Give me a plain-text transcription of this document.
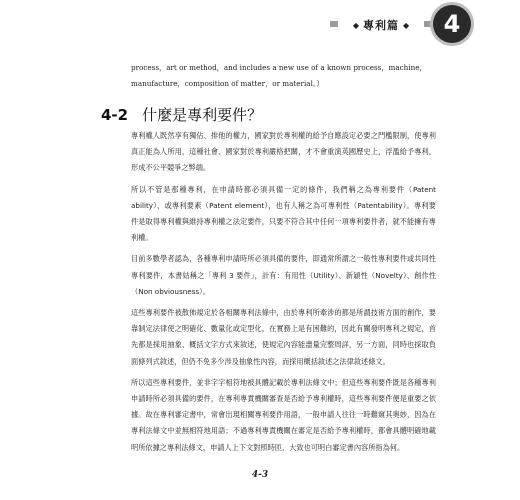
◆ 專利篇 ◆	4
process，art or method，and includes a new use of a known process，machine，
manufacture，composition of matter，or material。）
4-2 什麼是專利要件？

專利權人既然享有獨佔、排他的權力，國家對於專利權的給予自應設定必要之門檻限制，使專利真正能為人所用，這種社會、國家對於專利嚴格把關，才不會重演英國歷史上，浮濫給予專利，形成不公平競爭之弊端。

所以不管是那種專利，在申請時都必須具備一定的條件，我們稱之為專利要件（Patent ability），或專利要素（Patent element），也有人稱之為可專利性（Patentability）。專利要件是取得專利權與維持專利權之法定要件，只要不符合其中任何一項專利要件者，就不能擁有專利權。

目前多數學者認為，各種專利申請時所必須具備的要件，即通常所謂之一般性專利要件或共同性專利要件，本書姑稱之「專利 3 要件」，計有：有用性（Utility）、新穎性（Novelty）、創作性（Non obviousness）。

這些專利要件被散佈規定於各相關專利法條中，由於專利所牽涉的都是所謂技術方面的創作，要靠制定法律使之明確化、數量化或定型化，在實務上是有困難的，因此有關發明專利之規定，首先都是採用抽象、概括文字方式來敘述，使規定內容能盡量完整周詳，另一方面，同時也採取負面條列式敘述，但仍不免多少涉及抽象性內容，而採用概括敘述之法律敘述條文。

所以這些專利要件，並非字字相符地被具體記載於專利法條文中；但這些專利要件既是各種專利申請時所必須具備的要件，在專利專責機關審查是否給予專利權時，這些專利要件便是重要之依據。故在專利審定書中，常會出現相關專利要件用語，一般申請人往往一時難窺其奧妙，因為在專利法條文中並無相符地用語；不過專利專責機關在審定是否給予專利權時，都會具體明確地載明所依據之專利法條文，申請人上下文對照時匝，大致也可明白審定書內容所指為何。

4-3
